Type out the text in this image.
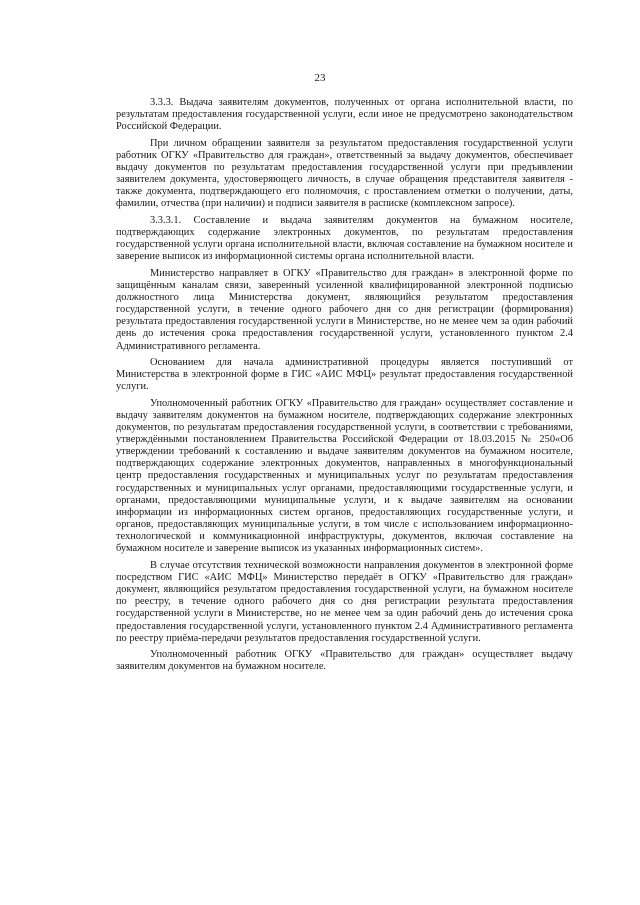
23

3.3.3. Выдача заявителям документов, полученных от органа исполнительной власти, по результатам предоставления государственной услуги, если иное не предусмотрено законодательством Российской Федерации.

При личном обращении заявителя за результатом предоставления государственной услуги работник ОГКУ «Правительство для граждан», ответственный за выдачу документов, обеспечивает выдачу документов по результатам предоставления государственной услуги при предъявлении заявителем документа, удостоверяющего личность, в случае обращения представителя заявителя - также документа, подтверждающего его полномочия, с проставлением отметки о получении, даты, фамилии, отчества (при наличии) и подписи заявителя в расписке (комплексном запросе).

3.3.3.1. Составление и выдача заявителям документов на бумажном носителе, подтверждающих содержание электронных документов, по результатам предоставления государственной услуги органа исполнительной власти, включая составление на бумажном носителе и заверение выписок из информационной системы органа исполнительной власти.

Министерство направляет в ОГКУ «Правительство для граждан» в электронной форме по защищённым каналам связи, заверенный усиленной квалифицированной электронной подписью должностного лица Министерства документ, являющийся результатом предоставления государственной услуги, в течение одного рабочего дня со дня регистрации (формирования) результата предоставления государственной услуги в Министерстве, но не менее чем за один рабочий день до истечения срока предоставления государственной услуги, установленного пунктом 2.4 Административного регламента.

Основанием для начала административной процедуры является поступивший от Министерства в электронной форме в ГИС «АИС МФЦ» результат предоставления государственной услуги.

Уполномоченный работник ОГКУ «Правительство для граждан» осуществляет составление и выдачу заявителям документов на бумажном носителе, подтверждающих содержание электронных документов, по результатам предоставления государственной услуги, в соответствии с требованиями, утверждёнными постановлением Правительства Российской Федерации от 18.03.2015 № 250«Об утверждении требований к составлению и выдаче заявителям документов на бумажном носителе, подтверждающих содержание электронных документов, направленных в многофункциональный центр предоставления государственных и муниципальных услуг по результатам предоставления государственных и муниципальных услуг органами, предоставляющими государственные услуги, и органами, предоставляющими муниципальные услуги, и к выдаче заявителям на основании информации из информационных систем органов, предоставляющих государственные услуги, и органов, предоставляющих муниципальные услуги, в том числе с использованием информационно-технологической и коммуникационной инфраструктуры, документов, включая составление на бумажном носителе и заверение выписок из указанных информационных систем».

В случае отсутствия технической возможности направления документов в электронной форме посредством ГИС «АИС МФЦ» Министерство передаёт в ОГКУ «Правительство для граждан» документ, являющийся результатом предоставления государственной услуги, на бумажном носителе по реестру, в течение одного рабочего дня со дня регистрации результата предоставления государственной услуги в Министерстве, но не менее чем за один рабочий день до истечения срока предоставления государственной услуги, установленного пунктом 2.4 Административного регламента по реестру приёма-передачи результатов предоставления государственной услуги.

Уполномоченный работник ОГКУ «Правительство для граждан» осуществляет выдачу заявителям документов на бумажном носителе.
